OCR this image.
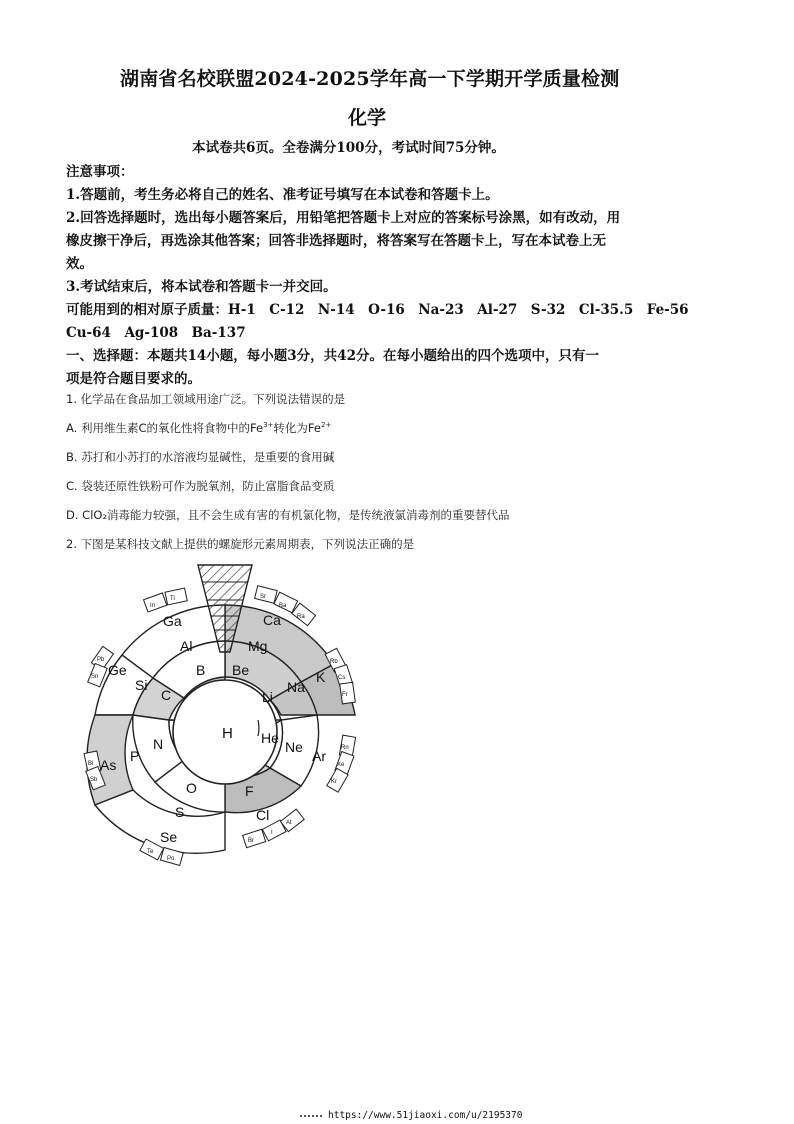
湖南省名校联盟2024-2025学年高一下学期开学质量检测
化学
本试卷共6页。全卷满分100分，考试时间75分钟。
注意事项：
1.答题前，考生务必将自己的姓名、准考证号填写在本试卷和答题卡上。
2.回答选择题时，选出每小题答案后，用铅笔把答题卡上对应的答案标号涂黑，如有改动，用
橡皮擦干净后，再选涂其他答案；回答非选择题时，将答案写在答题卡上，写在本试卷上无
效。
3.考试结束后，将本试卷和答题卡一并交回。
可能用到的相对原子质量：H-1　C-12　N-14　O-16　Na-23　Al-27　S-32　Cl-35.5　Fe-56
Cu-64　Ag-108　Ba-137
一、选择题：本题共14小题，每小题3分，共42分。在每小题给出的四个选项中，只有一
项是符合题目要求的。
1. 化学品在食品加工领域用途广泛。下列说法错误的是
A. 利用维生素C的氧化性将食物中的$Fe^{3+}$转化为$Fe^{2+}$
B. 苏打和小苏打的水溶液均显碱性，是重要的食用碱
C. 袋装还原性铁粉可作为脱氧剂，防止富脂食品变质
D. ClO₂消毒能力较强，且不会生成有害的有机氯化物，是传统液氯消毒剂的重要替代品
2. 下图是某科技文献上提供的螺旋形元素周期表，下列说法正确的是
H He
Li
Be
B
C
N
O	F
Ne
Na
Mg
Al
Si
P
S	Cl
Ar
K
Ca
Ga
Ge
As
Se
Ti
In
Sr
Ba
Ra
Rb
Cs
Fr
Pb
Sn
Rn
Xe
Kr
Bi
Sb
Te
Po
Br
I
At
https://www.51jiaoxi.com/u/2195370
